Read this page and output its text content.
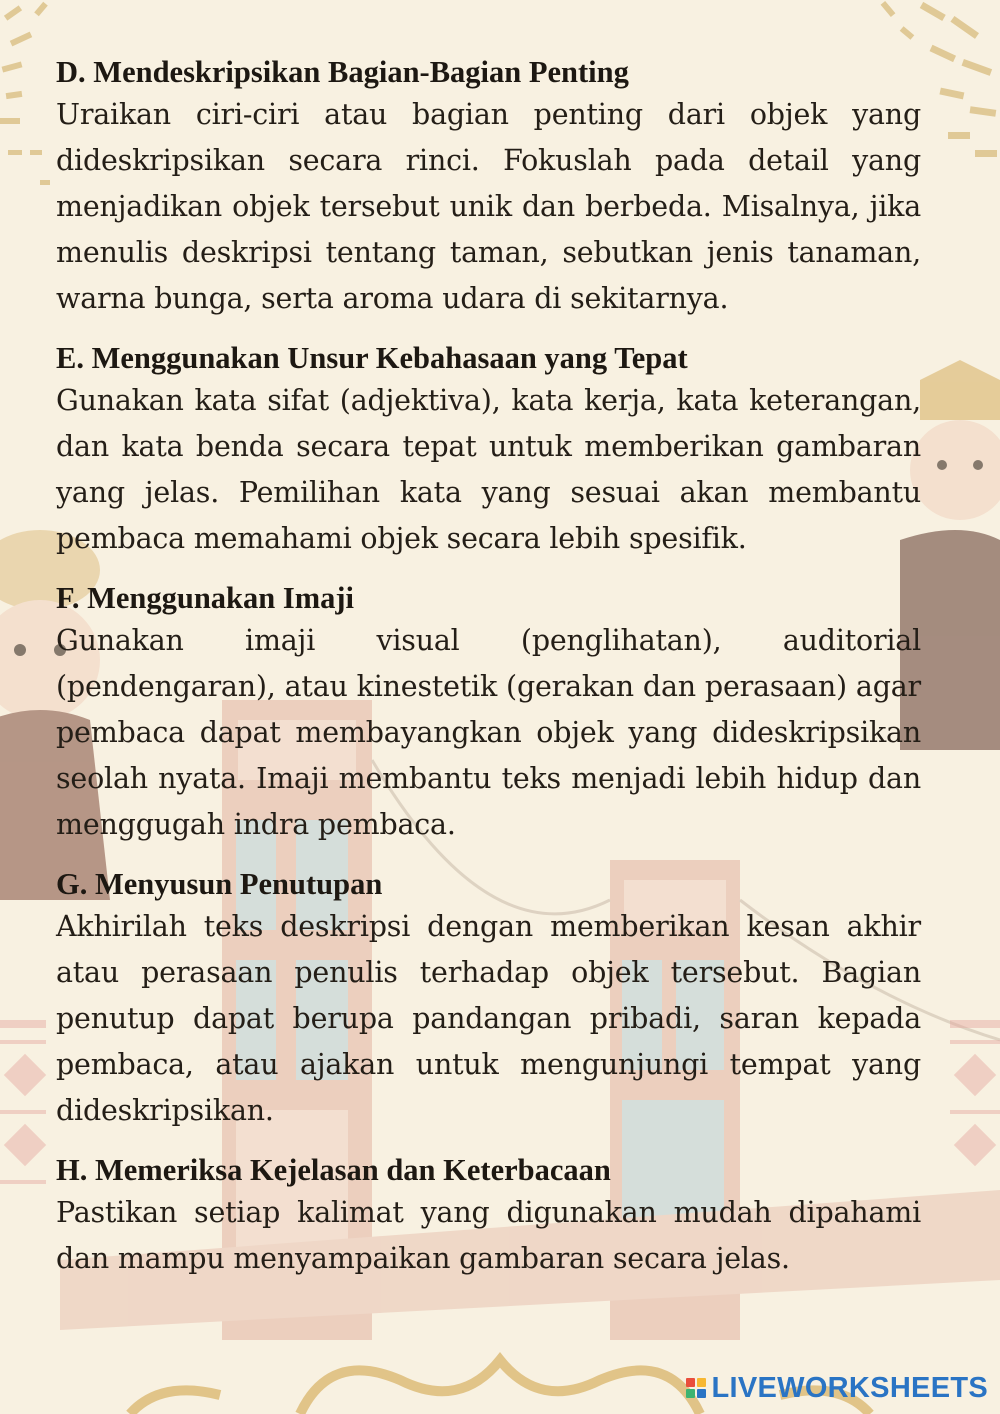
D. Mendeskripsikan Bagian-Bagian Penting

Uraikan ciri-ciri atau bagian penting dari objek yang dideskripsikan secara rinci. Fokuslah pada detail yang menjadikan objek tersebut unik dan berbeda. Misalnya, jika menulis deskripsi tentang taman, sebutkan jenis tanaman, warna bunga, serta aroma udara di sekitarnya.

E. Menggunakan Unsur Kebahasaan yang Tepat

Gunakan kata sifat (adjektiva), kata kerja, kata keterangan, dan kata benda secara tepat untuk memberikan gambaran yang jelas. Pemilihan kata yang sesuai akan membantu pembaca memahami objek secara lebih spesifik.

F. Menggunakan Imaji

Gunakan imaji visual (penglihatan), auditorial (pendengaran), atau kinestetik (gerakan dan perasaan) agar pembaca dapat membayangkan objek yang dideskripsikan seolah nyata. Imaji membantu teks menjadi lebih hidup dan menggugah indra pembaca.

G. Menyusun Penutupan

Akhirilah teks deskripsi dengan memberikan kesan akhir atau perasaan penulis terhadap objek tersebut. Bagian penutup dapat berupa pandangan pribadi, saran kepada pembaca, atau ajakan untuk mengunjungi tempat yang dideskripsikan.

H. Memeriksa Kejelasan dan Keterbacaan

Pastikan setiap kalimat yang digunakan mudah dipahami dan mampu menyampaikan gambaran secara jelas.

LIVEWORKSHEETS
